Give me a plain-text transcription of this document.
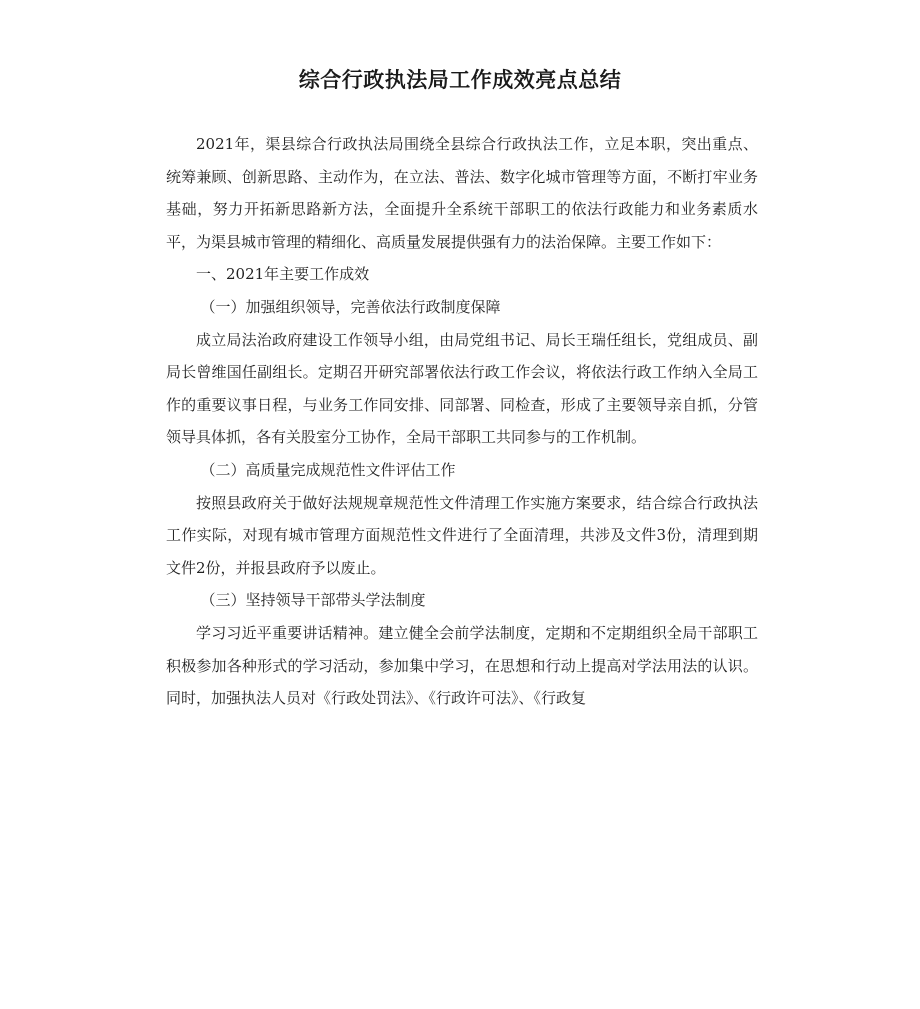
综合行政执法局工作成效亮点总结

2021年，渠县综合行政执法局围绕全县综合行政执法工作，立足本职，突出重点、统筹兼顾、创新思路、主动作为，在立法、普法、数字化城市管理等方面，不断打牢业务基础，努力开拓新思路新方法，全面提升全系统干部职工的依法行政能力和业务素质水平，为渠县城市管理的精细化、高质量发展提供强有力的法治保障。主要工作如下：

一、2021年主要工作成效

（一）加强组织领导，完善依法行政制度保障

成立局法治政府建设工作领导小组，由局党组书记、局长王瑞任组长，党组成员、副局长曾维国任副组长。定期召开研究部署依法行政工作会议，将依法行政工作纳入全局工作的重要议事日程，与业务工作同安排、同部署、同检查，形成了主要领导亲自抓，分管领导具体抓，各有关股室分工协作，全局干部职工共同参与的工作机制。

（二）高质量完成规范性文件评估工作

按照县政府关于做好法规规章规范性文件清理工作实施方案要求，结合综合行政执法工作实际，对现有城市管理方面规范性文件进行了全面清理，共涉及文件3份，清理到期文件2份，并报县政府予以废止。

（三）坚持领导干部带头学法制度

学习习近平重要讲话精神。建立健全会前学法制度，定期和不定期组织全局干部职工积极参加各种形式的学习活动，参加集中学习，在思想和行动上提高对学法用法的认识。同时，加强执法人员对《行政处罚法》、《行政许可法》、《行政复
